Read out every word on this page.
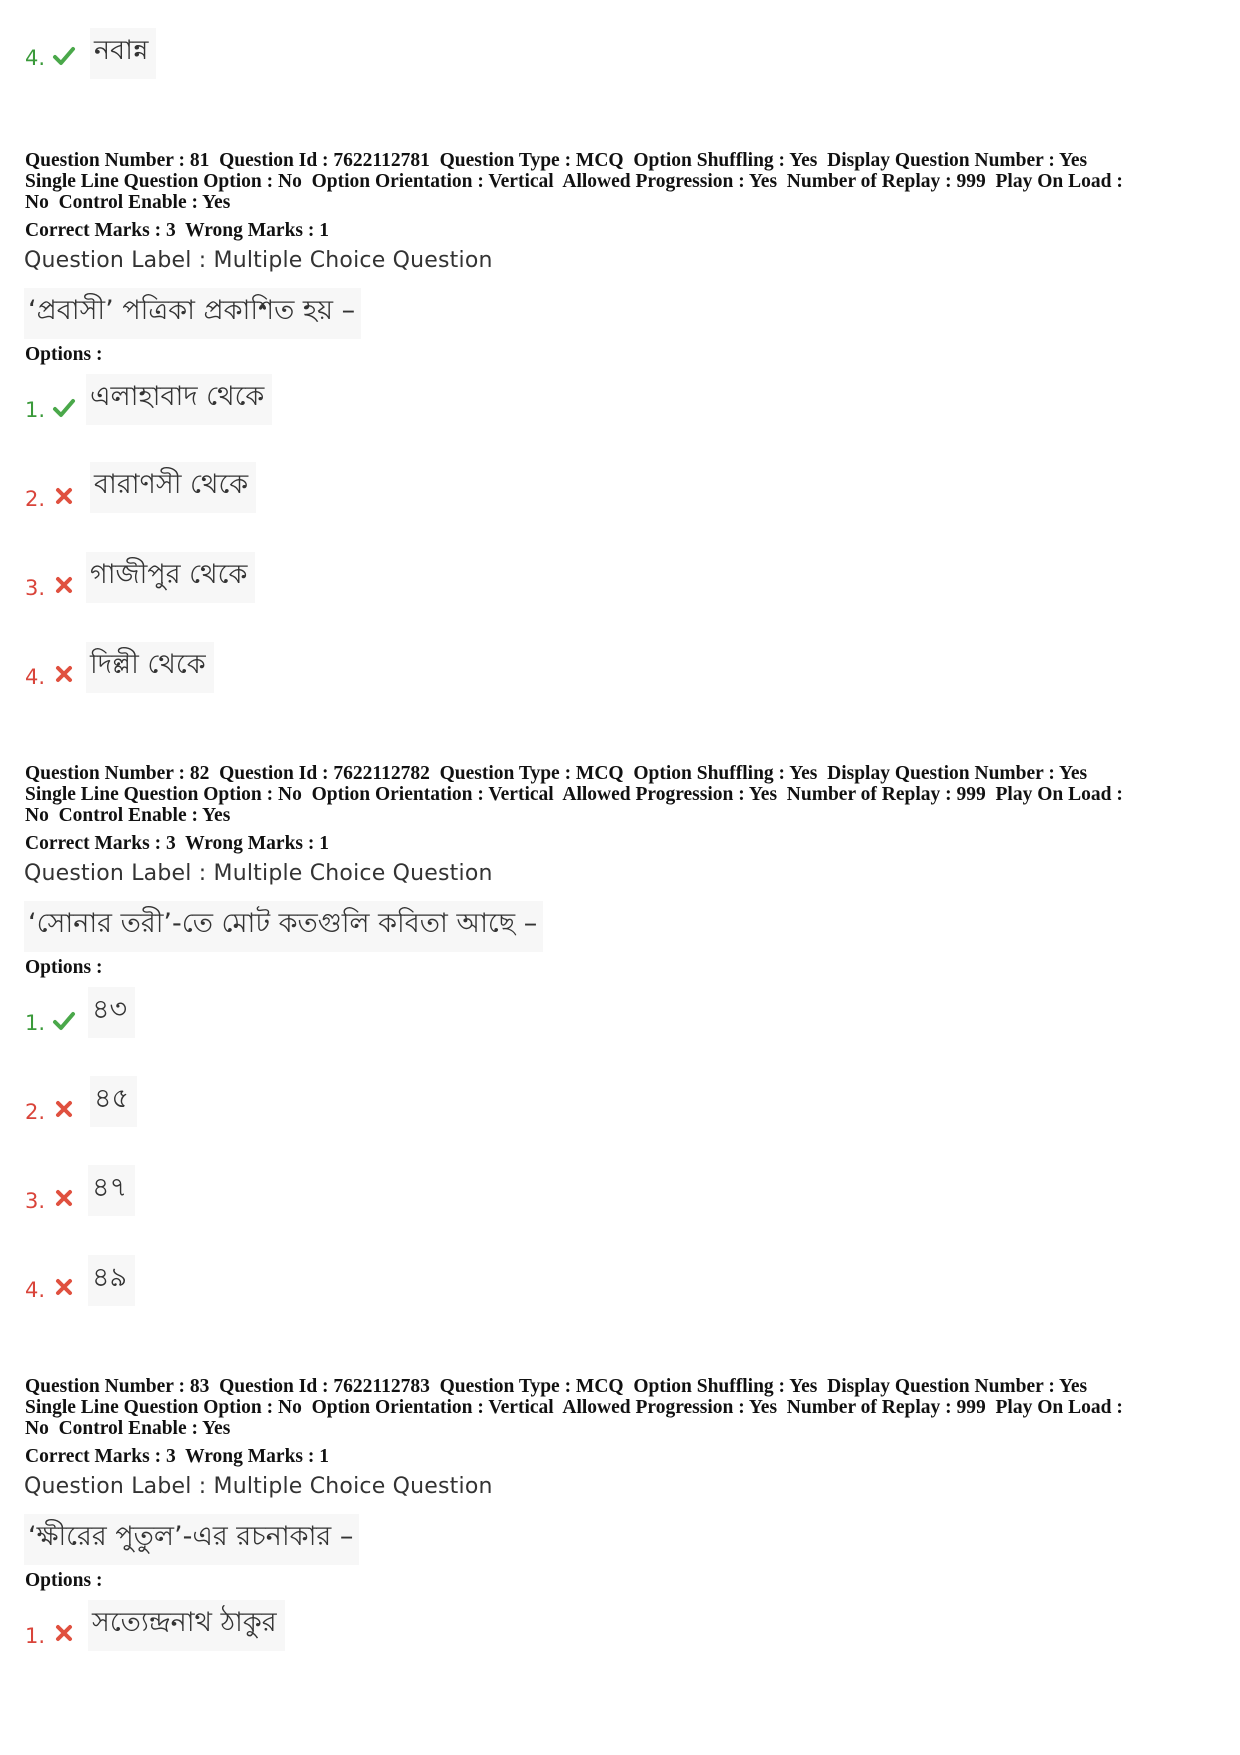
4. নবান্ন
Question Number : 81  Question Id : 7622112781  Question Type : MCQ  Option Shuffling : Yes  Display Question Number : Yes
Single Line Question Option : No  Option Orientation : Vertical  Allowed Progression : Yes  Number of Replay : 999  Play On Load :
No  Control Enable : Yes
Correct Marks : 3  Wrong Marks : 1
Question Label : Multiple Choice Question
‘প্রবাসী’ পত্রিকা প্রকাশিত হয় –
Options :
1. এলাহাবাদ থেকে
2. বারাণসী থেকে
3. গাজীপুর থেকে
4. দিল্লী থেকে
Question Number : 82  Question Id : 7622112782  Question Type : MCQ  Option Shuffling : Yes  Display Question Number : Yes
Single Line Question Option : No  Option Orientation : Vertical  Allowed Progression : Yes  Number of Replay : 999  Play On Load :
No  Control Enable : Yes
Correct Marks : 3  Wrong Marks : 1
Question Label : Multiple Choice Question
‘সোনার তরী’-তে মোট কতগুলি কবিতা আছে –
Options :
1. ৪৩
2. ৪৫
3. ৪৭
4. ৪৯
Question Number : 83  Question Id : 7622112783  Question Type : MCQ  Option Shuffling : Yes  Display Question Number : Yes
Single Line Question Option : No  Option Orientation : Vertical  Allowed Progression : Yes  Number of Replay : 999  Play On Load :
No  Control Enable : Yes
Correct Marks : 3  Wrong Marks : 1
Question Label : Multiple Choice Question
‘ক্ষীরের পুতুল’-এর রচনাকার –
Options :
1. সত্যেন্দ্রনাথ ঠাকুর
